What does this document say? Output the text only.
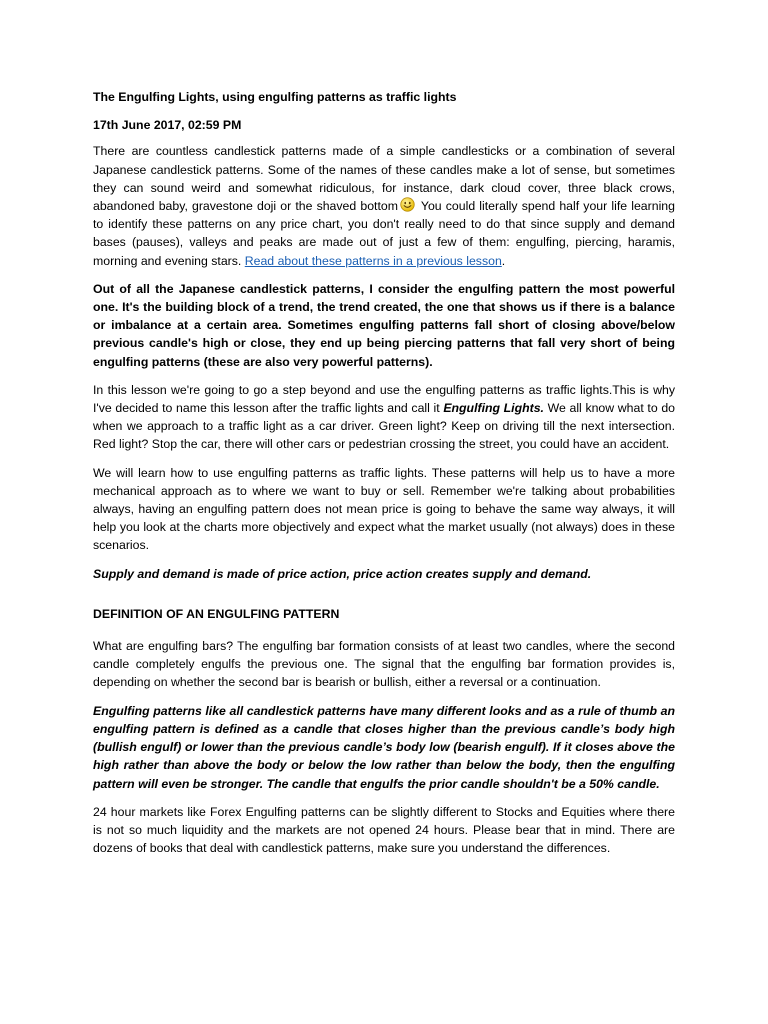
The Engulfing Lights, using engulfing patterns as traffic lights

17th June 2017, 02:59 PM

There are countless candlestick patterns made of a simple candlesticks or a combination of several Japanese candlestick patterns. Some of the names of these candles make a lot of sense, but sometimes they can sound weird and somewhat ridiculous, for instance, dark cloud cover, three black crows, abandoned baby, gravestone doji or the shaved bottom You could literally spend half your life learning to identify these patterns on any price chart, you don't really need to do that since supply and demand bases (pauses), valleys and peaks are made out of just a few of them: engulfing, piercing, haramis, morning and evening stars. Read about these patterns in a previous lesson.

Out of all the Japanese candlestick patterns, I consider the engulfing pattern the most powerful one. It's the building block of a trend, the trend created, the one that shows us if there is a balance or imbalance at a certain area. Sometimes engulfing patterns fall short of closing above/below previous candle's high or close, they end up being piercing patterns that fall very short of being engulfing patterns (these are also very powerful patterns).

In this lesson we're going to go a step beyond and use the engulfing patterns as traffic lights.This is why I've decided to name this lesson after the traffic lights and call it Engulfing Lights. We all know what to do when we approach to a traffic light as a car driver. Green light? Keep on driving till the next intersection. Red light? Stop the car, there will other cars or pedestrian crossing the street, you could have an accident.

We will learn how to use engulfing patterns as traffic lights. These patterns will help us to have a more mechanical approach as to where we want to buy or sell. Remember we're talking about probabilities always, having an engulfing pattern does not mean price is going to behave the same way always, it will help you look at the charts more objectively and expect what the market usually (not always) does in these scenarios.

Supply and demand is made of price action, price action creates supply and demand.

DEFINITION OF AN ENGULFING PATTERN

What are engulfing bars? The engulfing bar formation consists of at least two candles, where the second candle completely engulfs the previous one. The signal that the engulfing bar formation provides is, depending on whether the second bar is bearish or bullish, either a reversal or a continuation.

Engulfing patterns like all candlestick patterns have many different looks and as a rule of thumb an engulfing pattern is defined as a candle that closes higher than the previous candle’s body high (bullish engulf) or lower than the previous candle’s body low (bearish engulf). If it closes above the high rather than above the body or below the low rather than below the body, then the engulfing pattern will even be stronger. The candle that engulfs the prior candle shouldn't be a 50% candle.

24 hour markets like Forex Engulfing patterns can be slightly different to Stocks and Equities where there is not so much liquidity and the markets are not opened 24 hours. Please bear that in mind. There are dozens of books that deal with candlestick patterns, make sure you understand the differences.
